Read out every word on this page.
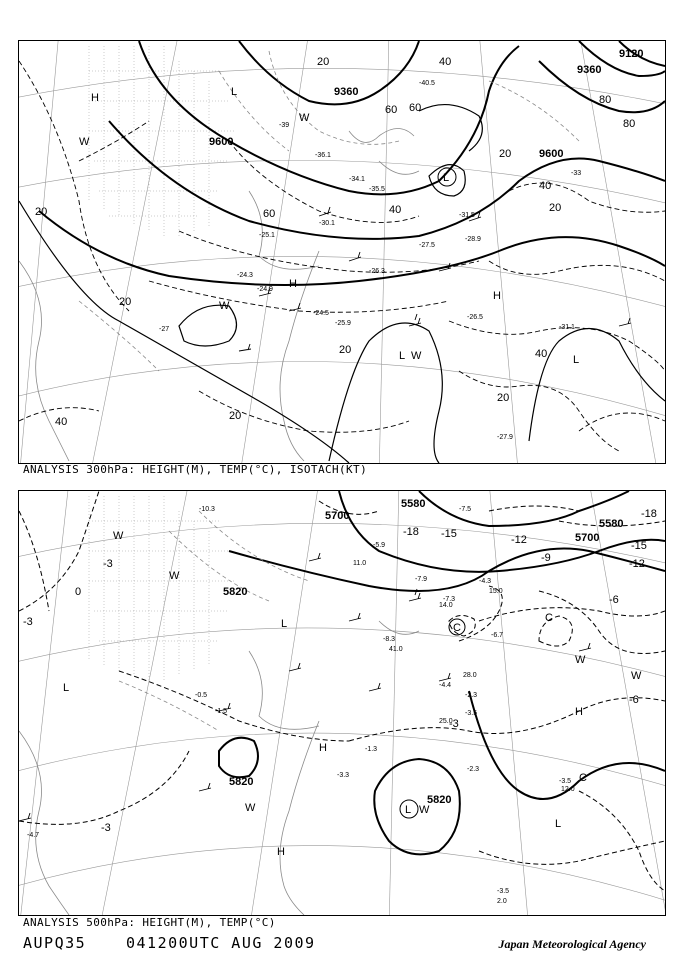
9120
9360
9600
9360
9600
20
20
20
20
20
20
20
20
40
40
40
40
40
60 60
80
60
80
-36.1
-34.1
-35.5
-30.1
-31.5
-27.5
-28.9
-25.1
-26.3
-24.3
-24.9
-25.9
-24.5
-26.5
-31.1
-27.9
-27
-33
-39
-40.5
H
W
L
H
H
W
L W	L
L
W
ANALYSIS 300hPa: HEIGHT(M), TEMP(°C), ISOTACH(KT)
5700
5580
5580
5700
5820
5820
5820
-18 -15	-12
-18
-15
-12
-9
-6
-3
0
-3
-3
-6
-3
-10.3	-7.5
-5.9
-7.9	-4.3
-8.3
-7.3
-6.7
-4.4
-2.3
-3.5
-1.3
-0.5
-1.5
-3.3
-2.3
-3.5
-4.7
11.0
14.0
15.0
25.0
28.0
41.0
12.0
-3.5
2.0
W
W
L
L
H
C
C
H
L W
C
L
W
H
W
W
ANALYSIS 500hPa: HEIGHT(M), TEMP(°C)
AUPQ35	041200UTC AUG 2009	Japan Meteorological Agency
